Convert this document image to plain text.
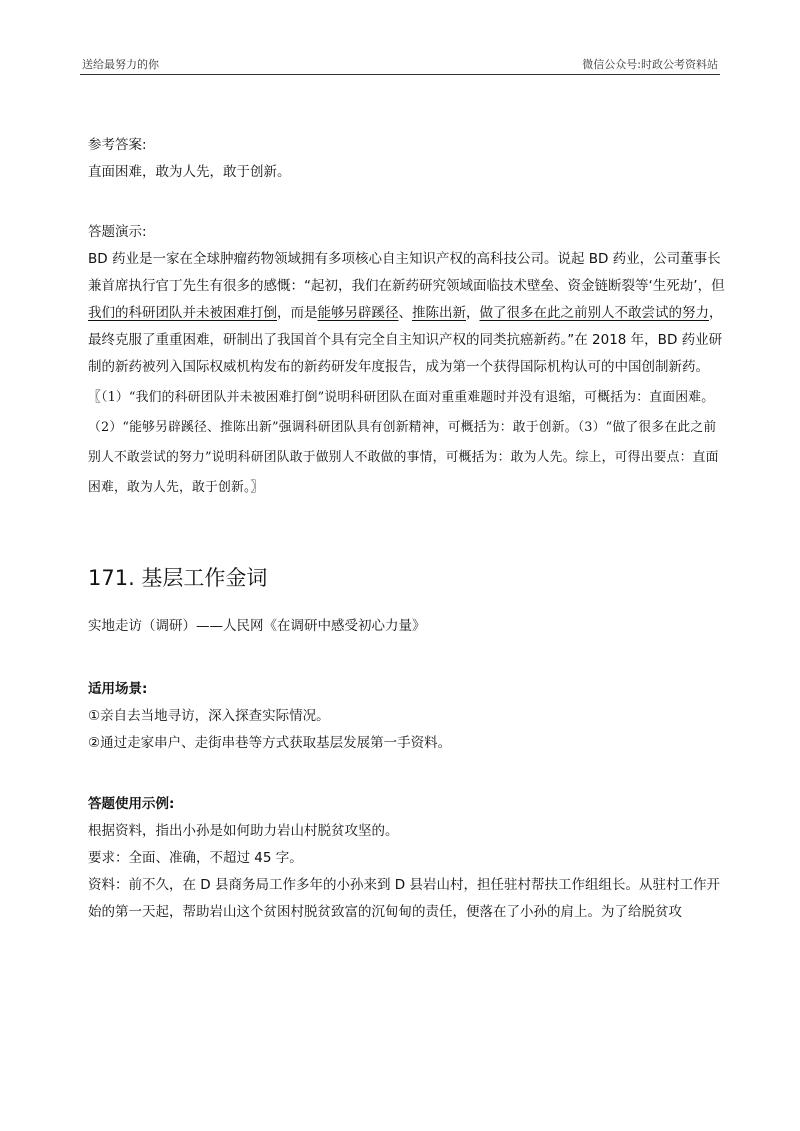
送给最努力的你	微信公众号:时政公考资料站

参考答案:

直面困难，敢为人先，敢于创新。

答题演示:

BD 药业是一家在全球肿瘤药物领域拥有多项核心自主知识产权的高科技公司。说起 BD 药业，公司董事长兼首席执行官丁先生有很多的感慨：“起初，我们在新药研究领域面临技术壁垒、资金链断裂等‘生死劫’，但我们的科研团队并未被困难打倒，而是能够另辟蹊径、推陈出新，做了很多在此之前别人不敢尝试的努力，最终克服了重重困难，研制出了我国首个具有完全自主知识产权的同类抗癌新药。”在 2018 年，BD 药业研制的新药被列入国际权威机构发布的新药研发年度报告，成为第一个获得国际机构认可的中国创制新药。

〖（1）“我们的科研团队并未被困难打倒”说明科研团队在面对重重难题时并没有退缩，可概括为：直面困难。（2）“能够另辟蹊径、推陈出新”强调科研团队具有创新精神，可概括为：敢于创新。（3）“做了很多在此之前别人不敢尝试的努力”说明科研团队敢于做别人不敢做的事情，可概括为：敢为人先。综上，可得出要点：直面困难，敢为人先，敢于创新。〗

171. 基层工作金词

实地走访（调研）——人民网《在调研中感受初心力量》

适用场景:

①亲自去当地寻访，深入探查实际情况。

②通过走家串户、走街串巷等方式获取基层发展第一手资料。

答题使用示例:

根据资料，指出小孙是如何助力岩山村脱贫攻坚的。

要求：全面、准确，不超过 45 字。

资料：前不久，在 D 县商务局工作多年的小孙来到 D 县岩山村，担任驻村帮扶工作组组长。从驻村工作开始的第一天起，帮助岩山这个贫困村脱贫致富的沉甸甸的责任，便落在了小孙的肩上。为了给脱贫攻
